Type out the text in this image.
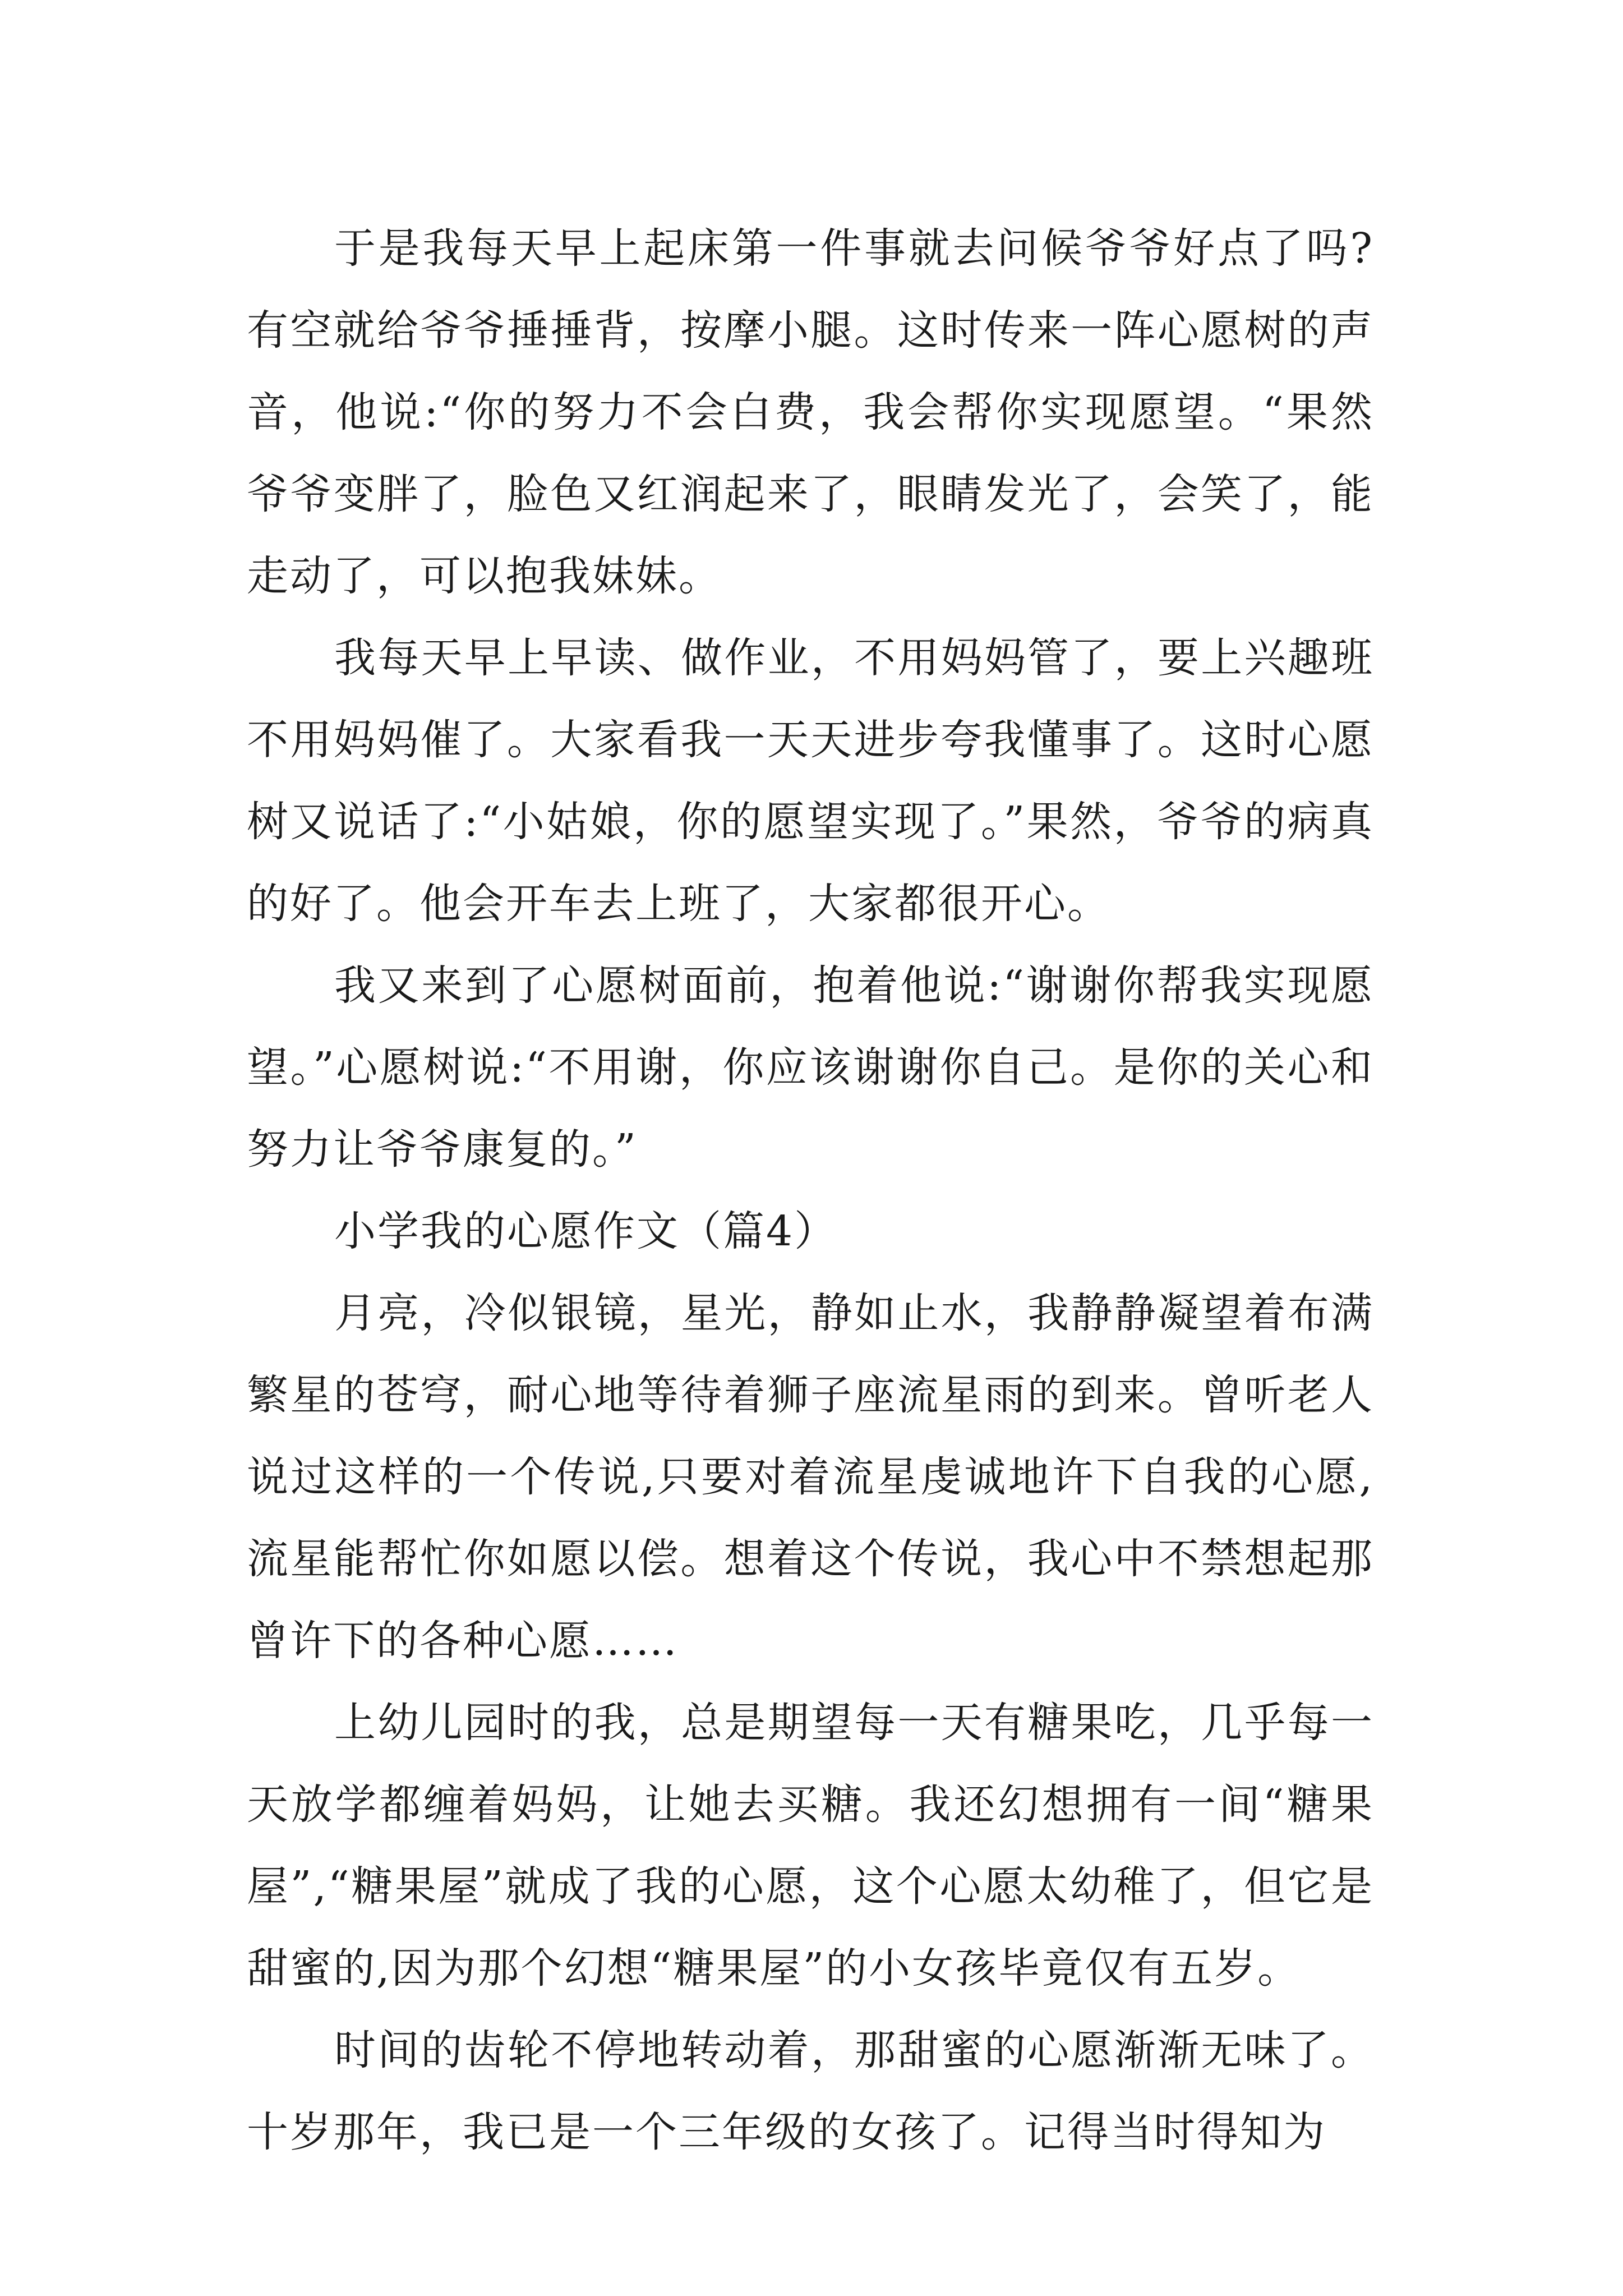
于是我每天早上起床第一件事就去问候爷爷好点了吗?有空就给爷爷捶捶背，按摩小腿。这时传来一阵心愿树的声音，他说:“你的努力不会白费，我会帮你实现愿望。“果然爷爷变胖了，脸色又红润起来了，眼睛发光了，会笑了，能走动了，可以抱我妹妹。

我每天早上早读、做作业，不用妈妈管了，要上兴趣班不用妈妈催了。大家看我一天天进步夸我懂事了。这时心愿树又说话了:“小姑娘，你的愿望实现了。”果然，爷爷的病真的好了。他会开车去上班了，大家都很开心。

我又来到了心愿树面前，抱着他说:“谢谢你帮我实现愿望。”心愿树说:“不用谢，你应该谢谢你自己。是你的关心和努力让爷爷康复的。”

小学我的心愿作文（篇4）

月亮，冷似银镜，星光，静如止水，我静静凝望着布满繁星的苍穹，耐心地等待着狮子座流星雨的到来。曾听老人说过这样的一个传说,只要对着流星虔诚地许下自我的心愿,流星能帮忙你如愿以偿。想着这个传说，我心中不禁想起那曾许下的各种心愿……

上幼儿园时的我，总是期望每一天有糖果吃，几乎每一天放学都缠着妈妈，让她去买糖。我还幻想拥有一间“糖果屋”,“糖果屋”就成了我的心愿，这个心愿太幼稚了，但它是甜蜜的,因为那个幻想“糖果屋”的小女孩毕竟仅有五岁。

时间的齿轮不停地转动着，那甜蜜的心愿渐渐无味了。十岁那年，我已是一个三年级的女孩了。记得当时得知为
